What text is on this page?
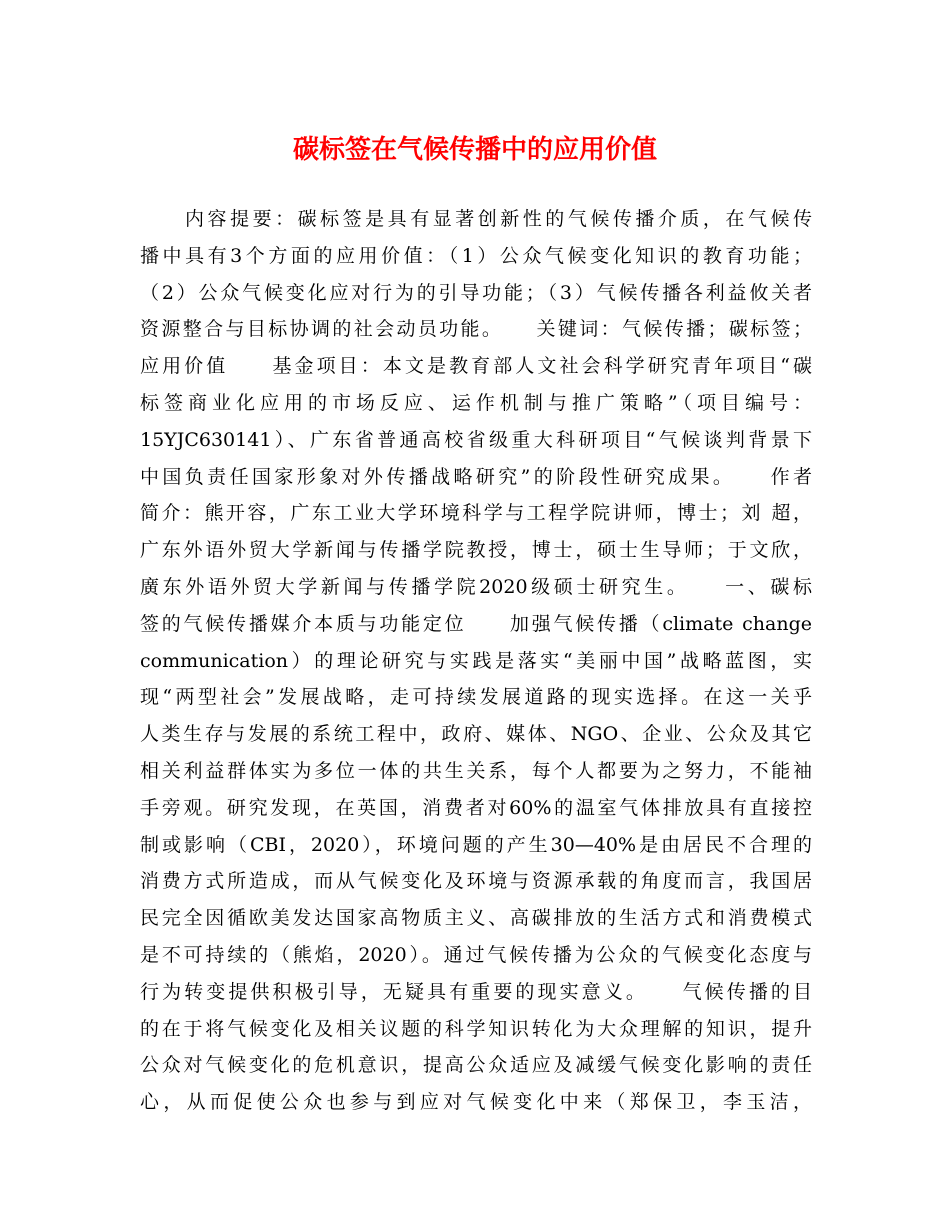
碳标签在气候传播中的应用价值
　　内容提要：碳标签是具有显著创新性的气候传播介质，在气候传
播中具有3个方面的应用价值：（1）公众气候变化知识的教育功能；
（2）公众气候变化应对行为的引导功能；（3）气候传播各利益攸关者
资源整合与目标协调的社会动员功能。　　关键词：气候传播；碳标签；
应用价值　　基金项目：本文是教育部人文社会科学研究青年项目“碳
标签商业化应用的市场反应、运作机制与推广策略”（项目编号：
15YJC630141）、广东省普通高校省级重大科研项目“气候谈判背景下
中国负责任国家形象对外传播战略研究”的阶段性研究成果。　　作者
简介：熊开容，广东工业大学环境科学与工程学院讲师，博士；刘 超，
广东外语外贸大学新闻与传播学院教授，博士，硕士生导师；于文欣，
廣东外语外贸大学新闻与传播学院2020级硕士研究生。　　一、碳标
签的气候传播媒介本质与功能定位　　加强气候传播（climate change
communication）的理论研究与实践是落实“美丽中国”战略蓝图，实
现“两型社会”发展战略，走可持续发展道路的现实选择。在这一关乎
人类生存与发展的系统工程中，政府、媒体、NGO、企业、公众及其它
相关利益群体实为多位一体的共生关系，每个人都要为之努力，不能袖
手旁观。研究发现，在英国，消费者对60%的温室气体排放具有直接控
制或影响（CBI，2020），环境问题的产生30—40%是由居民不合理的
消费方式所造成，而从气候变化及环境与资源承载的角度而言，我国居
民完全因循欧美发达国家高物质主义、高碳排放的生活方式和消费模式
是不可持续的（熊焰，2020）。通过气候传播为公众的气候变化态度与
行为转变提供积极引导，无疑具有重要的现实意义。　　气候传播的目
的在于将气候变化及相关议题的科学知识转化为大众理解的知识，提升
公众对气候变化的危机意识，提高公众适应及减缓气候变化影响的责任
心，从而促使公众也参与到应对气候变化中来（郑保卫，李玉洁，
